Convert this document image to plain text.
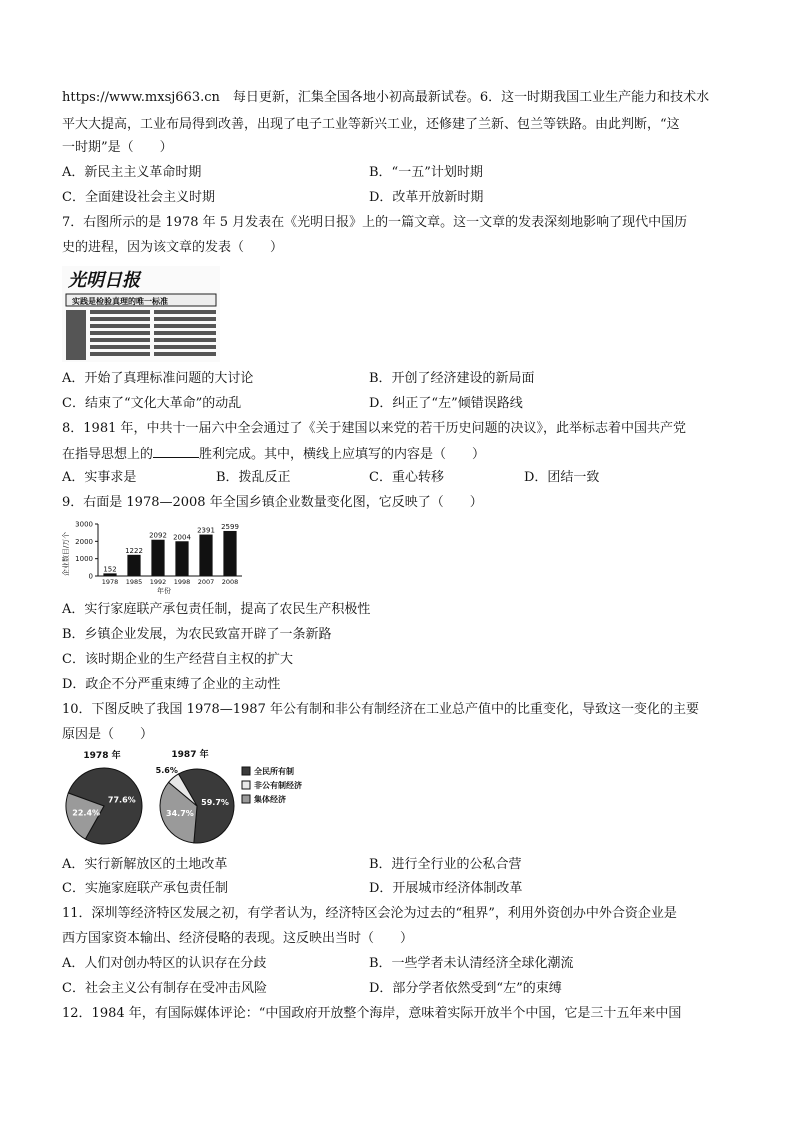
https://www.mxsj663.cn　每日更新，汇集全国各地小初高最新试卷。6．这一时期我国工业生产能力和技术水
平大大提高，工业布局得到改善，出现了电子工业等新兴工业，还修建了兰新、包兰等铁路。由此判断，“这
一时期”是（　　）
A．新民主主义革命时期	B．“一五”计划时期
C．全面建设社会主义时期	D．改革开放新时期
7．右图所示的是 1978 年 5 月发表在《光明日报》上的一篇文章。这一文章的发表深刻地影响了现代中国历
史的进程，因为该文章的发表（　　）
光明日报
实践是检验真理的唯一标准
A．开始了真理标准问题的大讨论	B．开创了经济建设的新局面
C．结束了“文化大革命”的动乱	D．纠正了“左”倾错误路线
8．1981 年，中共十一届六中全会通过了《关于建国以来党的若干历史问题的决议》，此举标志着中国共产党
在指导思想上的	胜利完成。其中，横线上应填写的内容是（　　）
A．实事求是	B．拨乱反正	C．重心转移	D．团结一致
9．右面是 1978—2008 年全国乡镇企业数量变化图，它反映了（　　）
企业数目/万个
3000
2000
1000
0
152
1222
2092 2004
2391 2599
1978 1985 1992 1998 2007 2008
年份
A．实行家庭联产承包责任制，提高了农民生产积极性
B．乡镇企业发展，为农民致富开辟了一条新路
C．该时期企业的生产经营自主权的扩大
D．政企不分严重束缚了企业的主动性
10．下图反映了我国 1978—1987 年公有制和非公有制经济在工业总产值中的比重变化，导致这一变化的主要
原因是（　　）
1978 年	1987 年
77.6%
22.4%
59.7%
34.7%
5.6%	全民所有制
非公有制经济
集体经济
A．实行新解放区的土地改革	B．进行全行业的公私合营
C．实施家庭联产承包责任制	D．开展城市经济体制改革
11．深圳等经济特区发展之初，有学者认为，经济特区会沦为过去的“租界”，利用外资创办中外合资企业是
西方国家资本输出、经济侵略的表现。这反映出当时（　　）
A．人们对创办特区的认识存在分歧	B．一些学者未认清经济全球化潮流
C．社会主义公有制存在受冲击风险	D．部分学者依然受到“左”的束缚
12．1984 年，有国际媒体评论：“中国政府开放整个海岸，意味着实际开放半个中国，它是三十五年来中国
